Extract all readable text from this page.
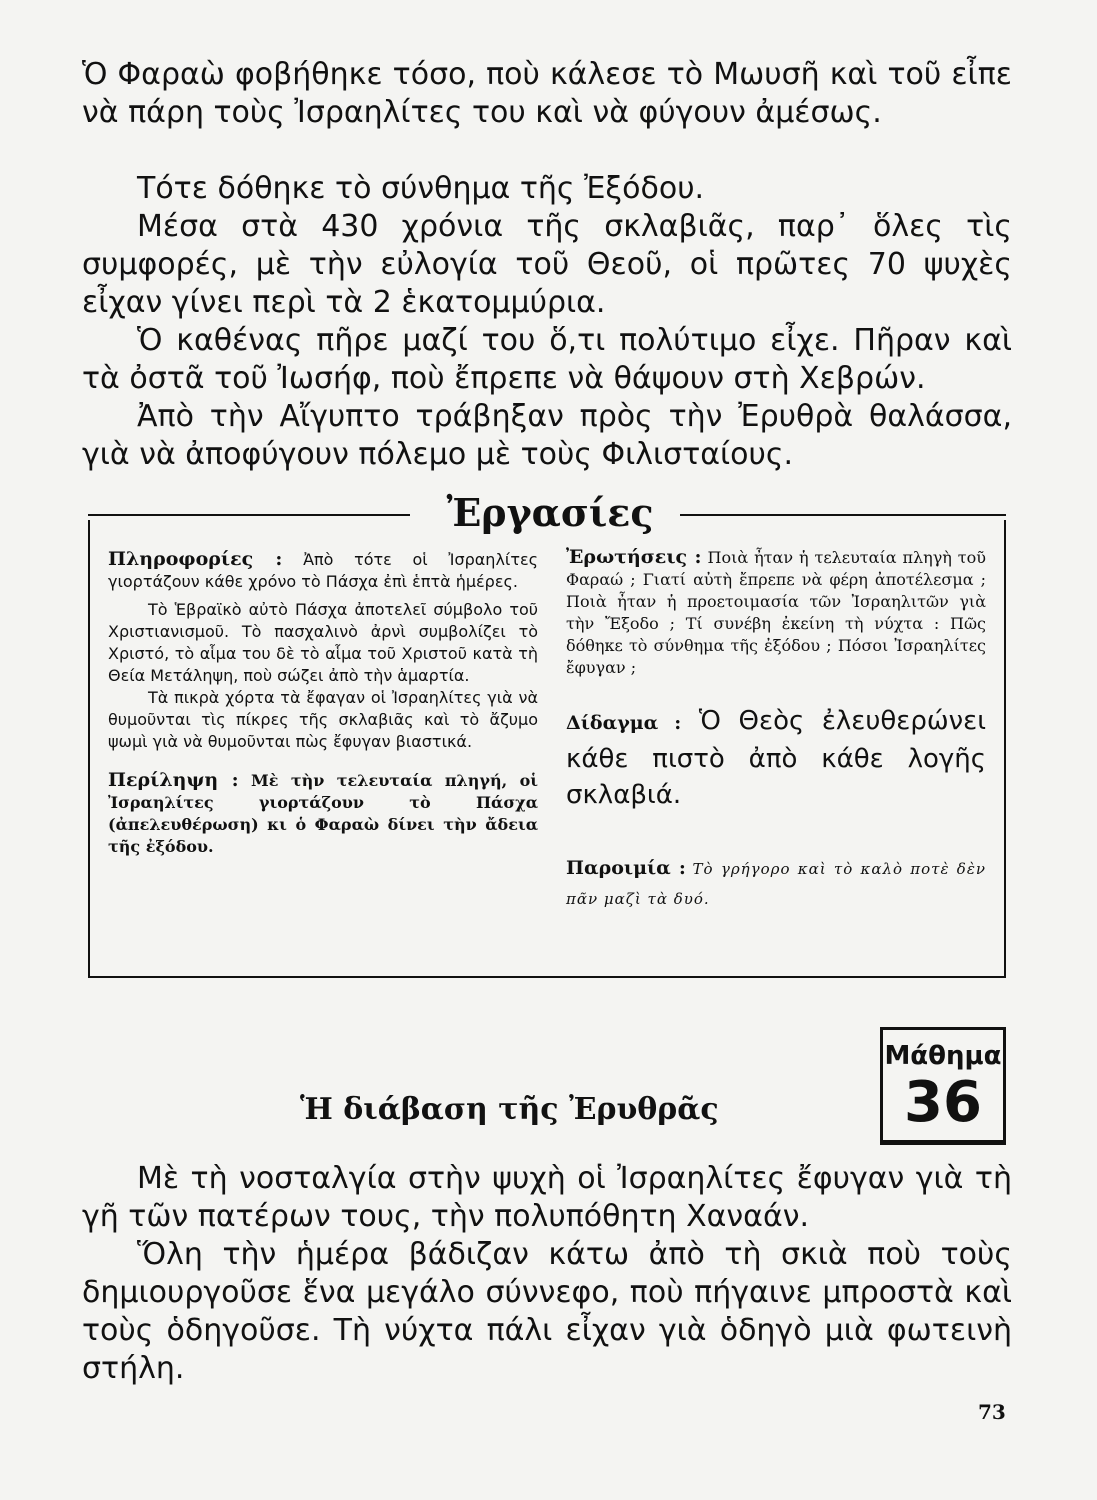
Ὁ Φαραὼ φοβήθηκε τόσο, ποὺ κάλεσε τὸ Μωυσῆ καὶ τοῦ εἶπε νὰ πάρη τοὺς Ἰσραηλίτες του καὶ νὰ φύγουν ἀμέσως.

Τότε δόθηκε τὸ σύνθημα τῆς Ἐξόδου.

Μέσα στὰ 430 χρόνια τῆς σκλαβιᾶς, παρ᾿ ὅλες τὶς συμφορές, μὲ τὴν εὐλογία τοῦ Θεοῦ, οἱ πρῶτες 70 ψυχὲς εἶχαν γίνει περὶ τὰ 2 ἑκατομμύρια.

Ὁ καθένας πῆρε μαζί του ὅ,τι πολύτιμο εἶχε. Πῆραν καὶ τὰ ὀστᾶ τοῦ Ἰωσήφ, ποὺ ἔπρεπε νὰ θάψουν στὴ Χεβρών.

Ἀπὸ τὴν Αἴγυπτο τράβηξαν πρὸς τὴν Ἐρυθρὰ θαλάσσα, γιὰ νὰ ἀποφύγουν πόλεμο μὲ τοὺς Φιλισταίους.

Ἐργασίες

Πληροφορίες : Ἀπὸ τότε οἱ Ἰσραηλίτες γιορτάζουν κάθε χρόνο τὸ Πάσχα ἐπὶ ἑπτὰ ἡμέρες.

Τὸ Ἑβραϊκὸ αὐτὸ Πάσχα ἀποτελεῖ σύμβολο τοῦ Χριστιανισμοῦ. Τὸ πασχαλινὸ ἀρνὶ συμβολίζει τὸ Χριστό, τὸ αἷμα του δὲ τὸ αἷμα τοῦ Χριστοῦ κατὰ τὴ Θεία Μετάληψη, ποὺ σώζει ἀπὸ τὴν ἁμαρτία.

Τὰ πικρὰ χόρτα τὰ ἔφαγαν οἱ Ἰσραηλίτες γιὰ νὰ θυμοῦνται τὶς πίκρες τῆς σκλαβιᾶς καὶ τὸ ἄζυμο ψωμὶ γιὰ νὰ θυμοῦνται πὼς ἔφυγαν βιαστικά.

Περίληψη : Μὲ τὴν τελευταία πληγή, οἱ Ἰσραηλίτες γιορτάζουν τὸ Πάσχα (ἀπελευθέρωση) κι ὁ Φαραὼ δίνει τὴν ἄδεια τῆς ἐξόδου.

Ἐρωτήσεις : Ποιὰ ἦταν ἡ τελευταία πληγὴ τοῦ Φαραώ ; Γιατί αὐτὴ ἔπρεπε νὰ φέρη ἀποτέλεσμα ; Ποιὰ ἦταν ἡ προετοιμασία τῶν Ἰσραηλιτῶν γιὰ τὴν Ἔξοδο ; Τί συνέβη ἐκείνη τὴ νύχτα : Πῶς δόθηκε τὸ σύνθημα τῆς ἐξόδου ; Πόσοι Ἰσραηλίτες ἔφυγαν ;

Δίδαγμα : Ὁ Θεὸς ἐλευθερώνει κάθε πιστὸ ἀπὸ κάθε λογῆς σκλαβιά.

Παροιμία : Τὸ γρήγορο καὶ τὸ καλὸ ποτὲ δὲν πᾶν μαζὶ τὰ δυό.

Μάθημα
36
Ἡ διάβαση τῆς Ἐρυθρᾶς

Μὲ τὴ νοσταλγία στὴν ψυχὴ οἱ Ἰσραηλίτες ἔφυγαν γιὰ τὴ γῆ τῶν πατέρων τους, τὴν πολυπόθητη Χαναάν.

Ὅλη τὴν ἡμέρα βάδιζαν κάτω ἀπὸ τὴ σκιὰ ποὺ τοὺς δημιουργοῦσε ἕνα μεγάλο σύννεφο, ποὺ πήγαινε μπροστὰ καὶ τοὺς ὁδηγοῦσε. Τὴ νύχτα πάλι εἶχαν γιὰ ὁδηγὸ μιὰ φωτεινὴ στήλη.

73
